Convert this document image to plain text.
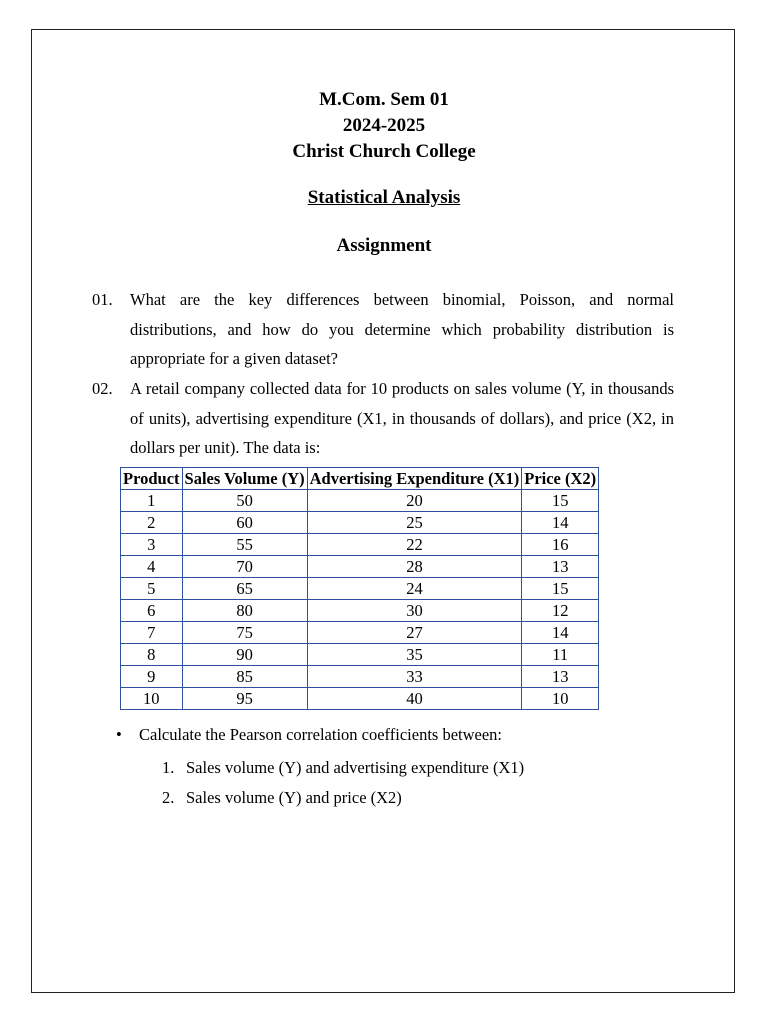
M.Com. Sem 01
2024-2025
Christ Church College
Statistical Analysis
Assignment
01. What are the key differences between binomial, Poisson, and normal distributions, and how do you determine which probability distribution is appropriate for a given dataset?
02. A retail company collected data for 10 products on sales volume (Y, in thousands of units), advertising expenditure (X1, in thousands of dollars), and price (X2, in dollars per unit). The data is:
Product	Sales Volume (Y)	Advertising Expenditure (X1)	Price (X2)
1	50	20	15
2	60	25	14
3	55	22	16
4	70	28	13
5	65	24	15
6	80	30	12
7	75	27	14
8	90	35	11
9	85	33	13
10	95	40	10
• Calculate the Pearson correlation coefficients between:
1. Sales volume (Y) and advertising expenditure (X1)
2. Sales volume (Y) and price (X2)
